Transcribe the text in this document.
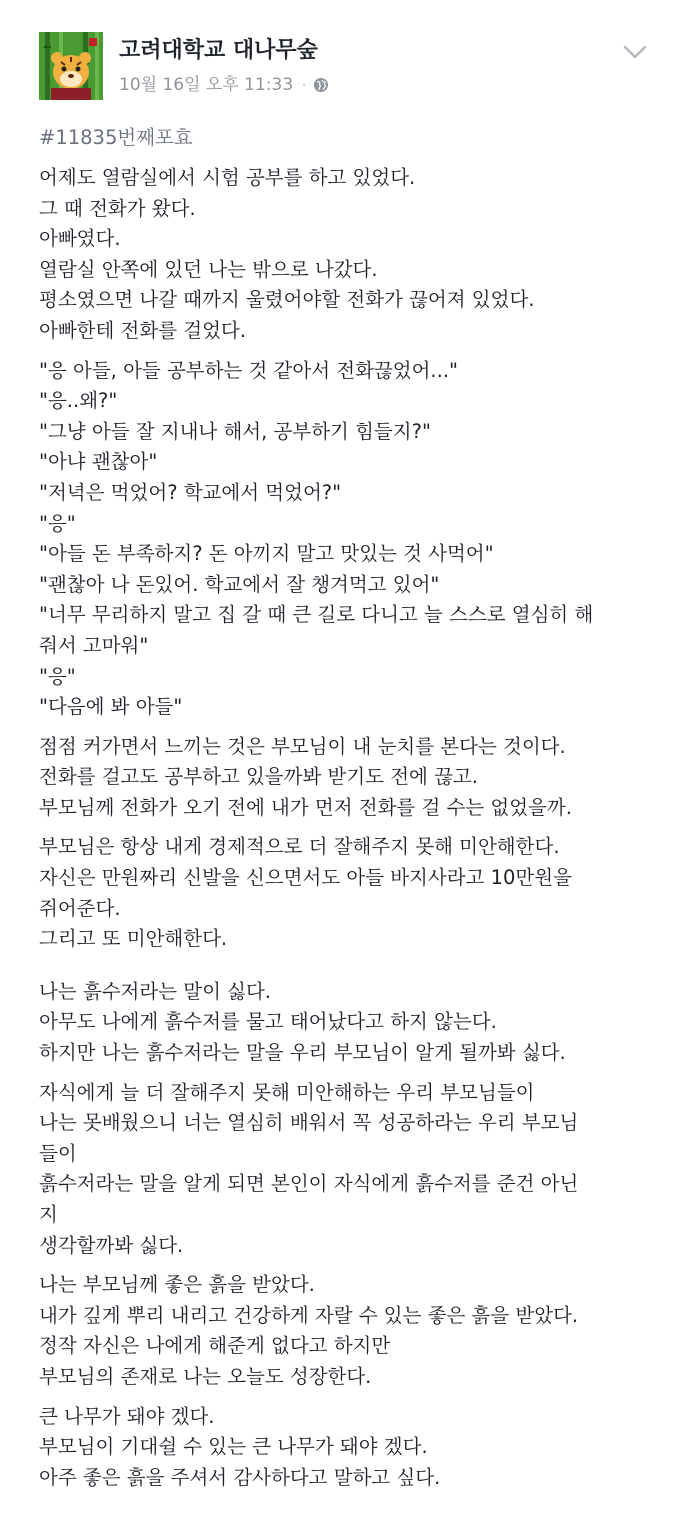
고려대학교 대나무숲
10월 16일 오후 11:33 ·
#11835번째포효
어제도 열람실에서 시험 공부를 하고 있었다.
그 때 전화가 왔다.
아빠였다.
열람실 안쪽에 있던 나는 밖으로 나갔다.
평소였으면 나갈 때까지 울렸어야할 전화가 끊어져 있었다.
아빠한테 전화를 걸었다.
"응 아들, 아들 공부하는 것 같아서 전화끊었어..."
"응..왜?"
"그냥 아들 잘 지내나 해서, 공부하기 힘들지?"
"아냐 괜찮아"
"저녁은 먹었어? 학교에서 먹었어?"
"응"
"아들 돈 부족하지? 돈 아끼지 말고 맛있는 것 사먹어"
"괜찮아 나 돈있어. 학교에서 잘 챙겨먹고 있어"
"너무 무리하지 말고 집 갈 때 큰 길로 다니고 늘 스스로 열심히 해
줘서 고마워"
"응"
"다음에 봐 아들"
점점 커가면서 느끼는 것은 부모님이 내 눈치를 본다는 것이다.
전화를 걸고도 공부하고 있을까봐 받기도 전에 끊고.
부모님께 전화가 오기 전에 내가 먼저 전화를 걸 수는 없었을까.
부모님은 항상 내게 경제적으로 더 잘해주지 못해 미안해한다.
자신은 만원짜리 신발을 신으면서도 아들 바지사라고 10만원을
쥐어준다.
그리고 또 미안해한다.
나는 흙수저라는 말이 싫다.
아무도 나에게 흙수저를 물고 태어났다고 하지 않는다.
하지만 나는 흙수저라는 말을 우리 부모님이 알게 될까봐 싫다.
자식에게 늘 더 잘해주지 못해 미안해하는 우리 부모님들이
나는 못배웠으니 너는 열심히 배워서 꼭 성공하라는 우리 부모님
들이
흙수저라는 말을 알게 되면 본인이 자식에게 흙수저를 준건 아닌
지
생각할까봐 싫다.
나는 부모님께 좋은 흙을 받았다.
내가 깊게 뿌리 내리고 건강하게 자랄 수 있는 좋은 흙을 받았다.
정작 자신은 나에게 해준게 없다고 하지만
부모님의 존재로 나는 오늘도 성장한다.
큰 나무가 돼야 겠다.
부모님이 기대쉴 수 있는 큰 나무가 돼야 겠다.
아주 좋은 흙을 주셔서 감사하다고 말하고 싶다.
